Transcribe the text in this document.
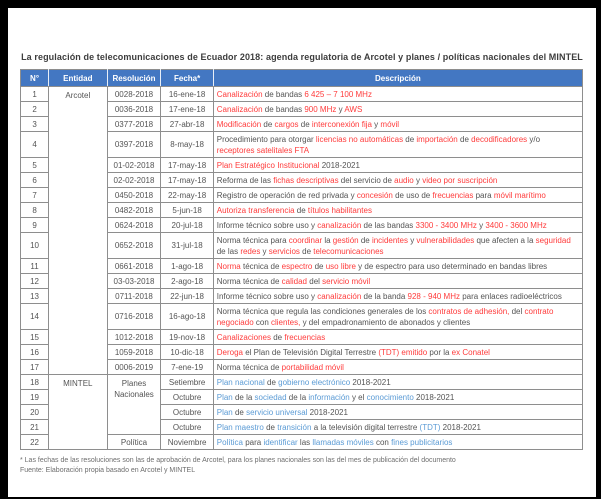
La regulación de telecomunicaciones de Ecuador 2018: agenda regulatoria de Arcotel y planes / políticas nacionales del MINTEL
N°	Entidad	Resolución	Fecha*	Descripción
1	Arcotel	0028-2018	16-ene-18	Canalización de bandas 6 425 – 7 100 MHz
2		0036-2018	17-ene-18	Canalización de bandas 900 MHz y AWS
3		0377-2018	27-abr-18	Modificación de cargos de interconexión fija y móvil
4		0397-2018	8-may-18	Procedimiento para otorgar licencias no automáticas de importación de decodificadores y/o receptores satelitales FTA
5		01-02-2018	17-may-18	Plan Estratégico Institucional 2018-2021
6		02-02-2018	17-may-18	Reforma de las fichas descriptivas del servicio de audio y video por suscripción
7		0450-2018	22-may-18	Registro de operación de red privada y concesión de uso de frecuencias para móvil marítimo
8		0482-2018	5-jun-18	Autoriza transferencia de títulos habilitantes
9		0624-2018	20-jul-18	Informe técnico sobre uso y canalización de las bandas 3300 - 3400 MHz y 3400 - 3600 MHz
10		0652-2018	31-jul-18	Norma técnica para coordinar la gestión de incidentes y vulnerabilidades que afecten a la seguridad de las redes y servicios de telecomunicaciones
11		0661-2018	1-ago-18	Norma técnica de espectro de uso libre y de espectro para uso determinado en bandas libres
12		03-03-2018	2-ago-18	Norma técnica de calidad del servicio móvil
13		0711-2018	22-jun-18	Informe técnico sobre uso y canalización de la banda 928 - 940 MHz para enlaces radioeléctricos
14		0716-2018	16-ago-18	Norma técnica que regula las condiciones generales de los contratos de adhesión, del contrato negociado con clientes, y del empadronamiento de abonados y clientes
15		1012-2018	19-nov-18	Canalizaciones de frecuencias
16		1059-2018	10-dic-18	Deroga el Plan de Televisión Digital Terrestre (TDT) emitido por la ex Conatel
17		0006-2019	7-ene-19	Norma técnica de portabilidad móvil
18	MINTEL	Planes Nacionales	Setiembre	Plan nacional de gobierno electrónico 2018-2021
19			Octubre	Plan de la sociedad de la información y el conocimiento 2018-2021
20			Octubre	Plan de servicio universal 2018-2021
21			Octubre	Plan maestro de transición a la televisión digital terrestre (TDT) 2018-2021
22		Política	Noviembre	Política para identificar las llamadas móviles con fines publicitarios
* Las fechas de las resoluciones son las de aprobación de Arcotel, para los planes nacionales son las del mes de publicación del documento
Fuente: Elaboración propia basado en Arcotel y MINTEL
